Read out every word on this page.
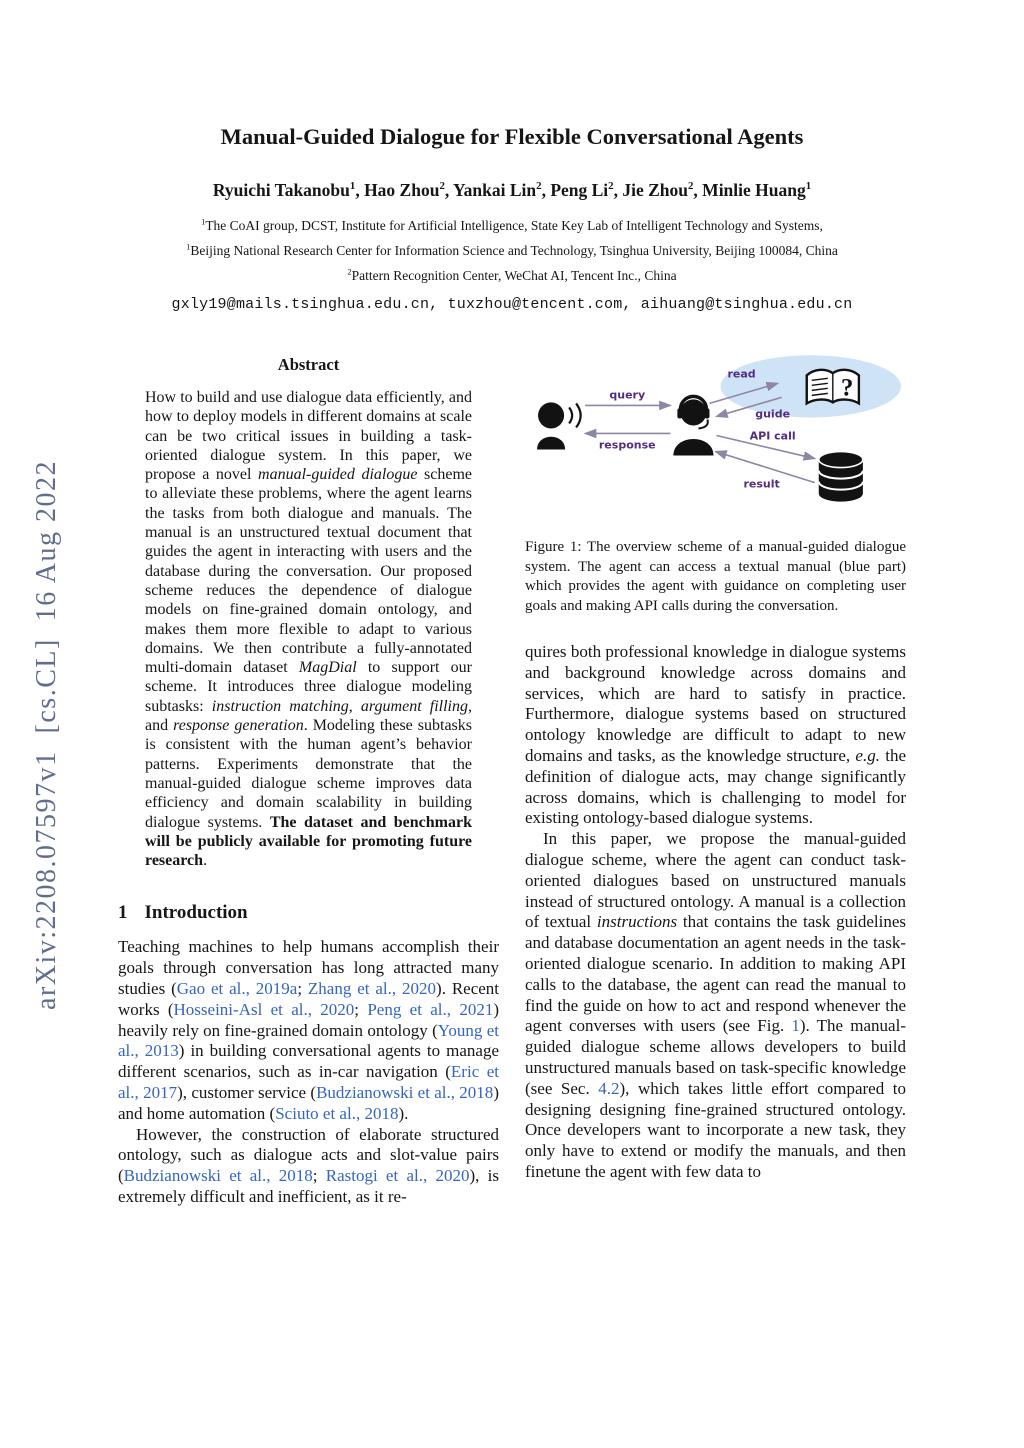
arXiv:2208.07597v1  [cs.CL]  16 Aug 2022
Manual-Guided Dialogue for Flexible Conversational Agents
Ryuichi Takanobu$^1$, Hao Zhou$^2$, Yankai Lin$^2$, Peng Li$^2$, Jie Zhou$^2$, Minlie Huang$^1$
$^1$The CoAI group, DCST, Institute for Artificial Intelligence, State Key Lab of Intelligent Technology and Systems,
$^1$Beijing National Research Center for Information Science and Technology, Tsinghua University, Beijing 100084, China
$^2$Pattern Recognition Center, WeChat AI, Tencent Inc., China
gxly19@mails.tsinghua.edu.cn, tuxzhou@tencent.com, aihuang@tsinghua.edu.cn
Abstract

How to build and use dialogue data efficiently, and how to deploy models in different domains at scale can be two critical issues in building a task-oriented dialogue system. In this paper, we propose a novel manual-guided dialogue scheme to alleviate these problems, where the agent learns the tasks from both dialogue and manuals. The manual is an unstructured textual document that guides the agent in interacting with users and the database during the conversation. Our proposed scheme reduces the dependence of dialogue models on fine-grained domain ontology, and makes them more flexible to adapt to various domains. We then contribute a fully-annotated multi-domain dataset MagDial to support our scheme. It introduces three dialogue modeling subtasks: instruction matching, argument filling, and response generation. Modeling these subtasks is consistent with the human agent’s behavior patterns. Experiments demonstrate that the manual-guided dialogue scheme improves data efficiency and domain scalability in building dialogue systems. The dataset and benchmark will be publicly available for promoting future research.

1 Introduction

Teaching machines to help humans accomplish their goals through conversation has long attracted many studies (Gao et al., 2019a; Zhang et al., 2020). Recent works (Hosseini-Asl et al., 2020; Peng et al., 2021) heavily rely on fine-grained domain ontology (Young et al., 2013) in building conversational agents to manage different scenarios, such as in-car navigation (Eric et al., 2017), customer service (Budzianowski et al., 2018) and home automation (Sciuto et al., 2018).

However, the construction of elaborate structured ontology, such as dialogue acts and slot-value pairs (Budzianowski et al., 2018; Rastogi et al., 2020), is extremely difficult and inefficient, as it re-

?
query
response
read
guide
API call
result
Figure 1: The overview scheme of a manual-guided dialogue system. The agent can access a textual manual (blue part) which provides the agent with guidance on completing user goals and making API calls during the conversation.

quires both professional knowledge in dialogue systems and background knowledge across domains and services, which are hard to satisfy in practice. Furthermore, dialogue systems based on structured ontology knowledge are difficult to adapt to new domains and tasks, as the knowledge structure, e.g. the definition of dialogue acts, may change significantly across domains, which is challenging to model for existing ontology-based dialogue systems.

In this paper, we propose the manual-guided dialogue scheme, where the agent can conduct task-oriented dialogues based on unstructured manuals instead of structured ontology. A manual is a collection of textual instructions that contains the task guidelines and database documentation an agent needs in the task-oriented dialogue scenario. In addition to making API calls to the database, the agent can read the manual to find the guide on how to act and respond whenever the agent converses with users (see Fig. 1). The manual-guided dialogue scheme allows developers to build unstructured manuals based on task-specific knowledge (see Sec. 4.2), which takes little effort compared to designing designing fine-grained structured ontology. Once developers want to incorporate a new task, they only have to extend or modify the manuals, and then finetune the agent with few data to
